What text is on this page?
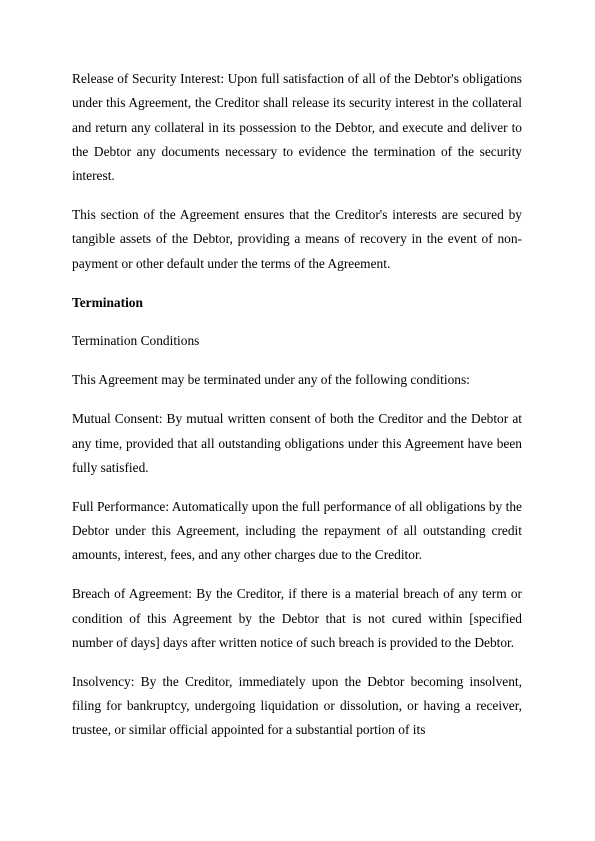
Release of Security Interest: Upon full satisfaction of all of the Debtor's obligations under this Agreement, the Creditor shall release its security interest in the collateral and return any collateral in its possession to the Debtor, and execute and deliver to the Debtor any documents necessary to evidence the termination of the security interest.

This section of the Agreement ensures that the Creditor's interests are secured by tangible assets of the Debtor, providing a means of recovery in the event of non-payment or other default under the terms of the Agreement.

Termination

Termination Conditions

This Agreement may be terminated under any of the following conditions:

Mutual Consent: By mutual written consent of both the Creditor and the Debtor at any time, provided that all outstanding obligations under this Agreement have been fully satisfied.

Full Performance: Automatically upon the full performance of all obligations by the Debtor under this Agreement, including the repayment of all outstanding credit amounts, interest, fees, and any other charges due to the Creditor.

Breach of Agreement: By the Creditor, if there is a material breach of any term or condition of this Agreement by the Debtor that is not cured within [specified number of days] days after written notice of such breach is provided to the Debtor.

Insolvency: By the Creditor, immediately upon the Debtor becoming insolvent, filing for bankruptcy, undergoing liquidation or dissolution, or having a receiver, trustee, or similar official appointed for a substantial portion of its
